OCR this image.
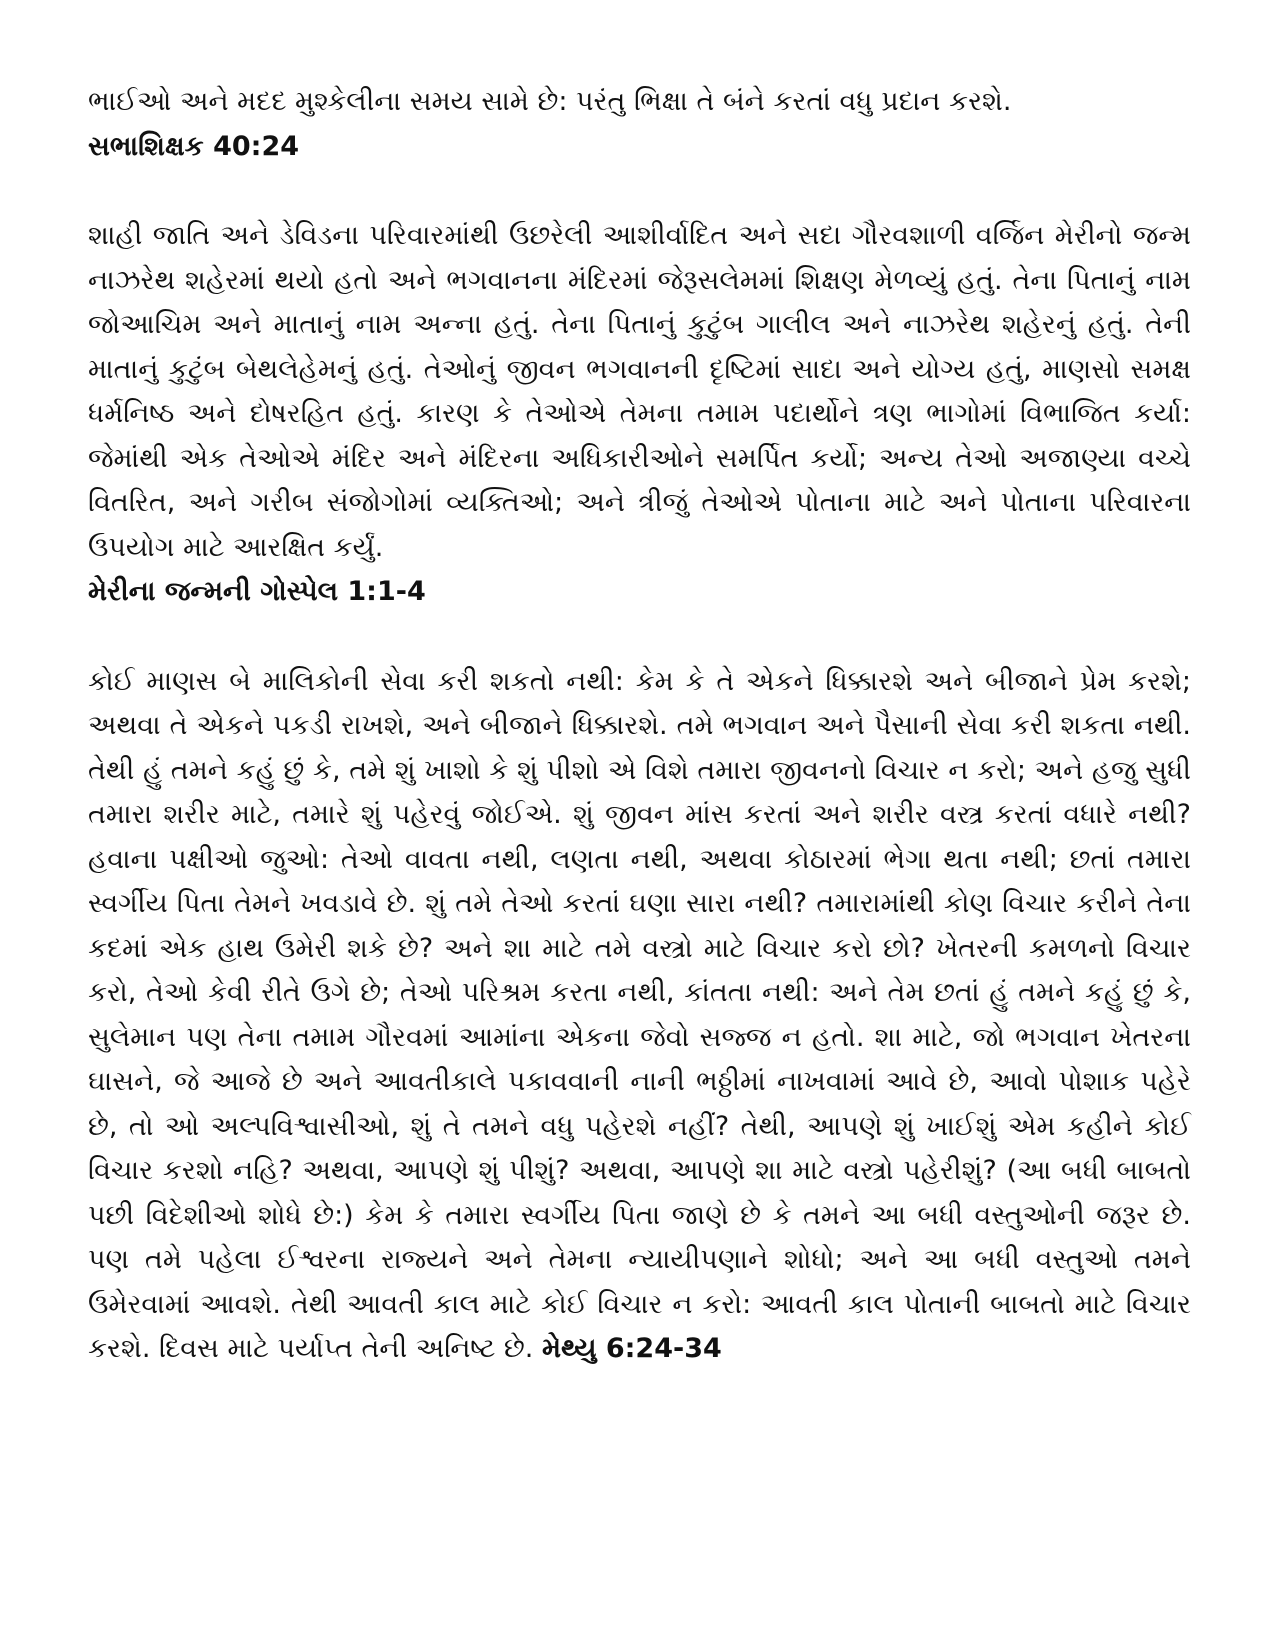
ભાઈઓ અને મદદ મુશ્કેલીના સમય સામે છે: પરંતુ ભિક્ષા તે બંને કરતાં વધુ પ્રદાન કરશે.
સભાશિક્ષક 40:24

શાહી જાતિ અને ડેવિડના પરિવારમાંથી ઉછરેલી આશીર્વાદિત અને સદા ગૌરવશાળી વર્જિન મેરીનો જન્મ નાઝરેથ શહેરમાં થયો હતો અને ભગવાનના મંદિરમાં જેરૂસલેમમાં શિક્ષણ મેળવ્યું હતું. તેના પિતાનું નામ જોઆચિમ અને માતાનું નામ અન્ના હતું. તેના પિતાનું કુટુંબ ગાલીલ અને નાઝરેથ શહેરનું હતું. તેની માતાનું કુટુંબ બેથલેહેમનું હતું. તેઓનું જીવન ભગવાનની દૃષ્ટિમાં સાદા અને યોગ્ય હતું, માણસો સમક્ષ ધર્મનિષ્ઠ અને દોષરહિત હતું. કારણ કે તેઓએ તેમના તમામ પદાર્થોને ત્રણ ભાગોમાં વિભાજિત કર્યા: જેમાંથી એક તેઓએ મંદિર અને મંદિરના અધિકારીઓને સમર્પિત કર્યો; અન્ય તેઓ અજાણ્યા વચ્ચે વિતરિત, અને ગરીબ સંજોગોમાં વ્યક્તિઓ; અને ત્રીજું તેઓએ પોતાના માટે અને પોતાના પરિવારના ઉપયોગ માટે આરક્ષિત કર્યું.
મેરીના જન્મની ગોસ્પેલ 1:1-4

કોઈ માણસ બે માલિકોની સેવા કરી શકતો નથી: કેમ કે તે એકને ધિક્કારશે અને બીજાને પ્રેમ કરશે; અથવા તે એકને પકડી રાખશે, અને બીજાને ધિક્કારશે. તમે ભગવાન અને પૈસાની સેવા કરી શકતા નથી. તેથી હું તમને કહું છું કે, તમે શું ખાશો કે શું પીશો એ વિશે તમારા જીવનનો વિચાર ન કરો; અને હજુ સુધી તમારા શરીર માટે, તમારે શું પહેરવું જોઈએ. શું જીવન માંસ કરતાં અને શરીર વસ્ત્ર કરતાં વધારે નથી? હવાના પક્ષીઓ જુઓ: તેઓ વાવતા નથી, લણતા નથી, અથવા કોઠારમાં ભેગા થતા નથી; છતાં તમારા સ્વર્ગીય પિતા તેમને ખવડાવે છે. શું તમે તેઓ કરતાં ઘણા સારા નથી? તમારામાંથી કોણ વિચાર કરીને તેના કદમાં એક હાથ ઉમેરી શકે છે? અને શા માટે તમે વસ્ત્રો માટે વિચાર કરો છો? ખેતરની કમળનો વિચાર કરો, તેઓ કેવી રીતે ઉગે છે; તેઓ પરિશ્રમ કરતા નથી, કાંતતા નથી: અને તેમ છતાં હું તમને કહું છું કે, સુલેમાન પણ તેના તમામ ગૌરવમાં આમાંના એકના જેવો સજ્જ ન હતો. શા માટે, જો ભગવાન ખેતરના ઘાસને, જે આજે છે અને આવતીકાલે પકાવવાની નાની ભઠ્ઠીમાં નાખવામાં આવે છે, આવો પોશાક પહેરે છે, તો ઓ અલ્પવિશ્વાસીઓ, શું તે તમને વધુ પહેરશે નહીં? તેથી, આપણે શું ખાઈશું એમ કહીને કોઈ વિચાર કરશો નહિ? અથવા, આપણે શું પીશું? અથવા, આપણે શા માટે વસ્ત્રો પહેરીશું? (આ બધી બાબતો પછી વિદેશીઓ શોધે છે:) કેમ કે તમારા સ્વર્ગીય પિતા જાણે છે કે તમને આ બધી વસ્તુઓની જરૂર છે. પણ તમે પહેલા ઈશ્વરના રાજ્યને અને તેમના ન્યાયીપણાને શોધો; અને આ બધી વસ્તુઓ તમને ઉમેરવામાં આવશે. તેથી આવતી કાલ માટે કોઈ વિચાર ન કરો: આવતી કાલ પોતાની બાબતો માટે વિચાર કરશે. દિવસ માટે પર્યાપ્ત તેની અનિષ્ટ છે. મેથ્યુ 6:24-34
